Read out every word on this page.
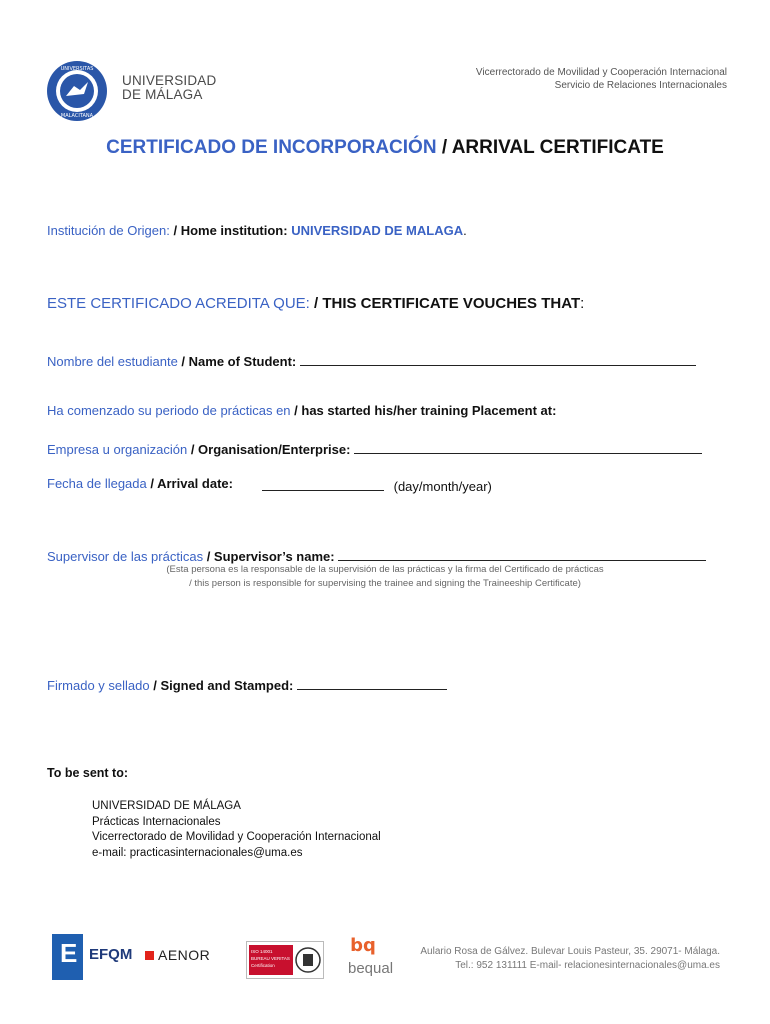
UNIVERSITAS
MALACITANA
UNIVERSIDAD
DE MÁLAGA
Vicerrectorado de Movilidad y Cooperación Internacional
Servicio de Relaciones Internacionales
CERTIFICADO DE INCORPORACIÓN / ARRIVAL CERTIFICATE
Institución de Origen: / Home institution: UNIVERSIDAD DE MALAGA.
ESTE CERTIFICADO ACREDITA QUE: / THIS CERTIFICATE VOUCHES THAT:
Nombre del estudiante / Name of Student:
Ha comenzado su periodo de prácticas en / has started his/her training Placement at:
Empresa u organización / Organisation/Enterprise:
Fecha de llegada / Arrival date:	(day/month/year)
Supervisor de las prácticas / Supervisor’s name:
(Esta persona es la responsable de la supervisión de las prácticas y la firma del Certificado de prácticas
/ this person is responsible for supervising the trainee and signing the Traineeship Certificate)
Firmado y sellado / Signed and Stamped:
To be sent to:
UNIVERSIDAD DE MÁLAGA
Prácticas Internacionales
Vicerrectorado de Movilidad y Cooperación Internacional
e-mail: practicasinternacionales@uma.es
E EFQM AENOR	ISO 14001
BUREAU VERITAS
Certification
bq
bequal
Aulario Rosa de Gálvez. Bulevar Louis Pasteur, 35. 29071- Málaga.
Tel.: 952 131111 E-mail- relacionesinternacionales@uma.es
